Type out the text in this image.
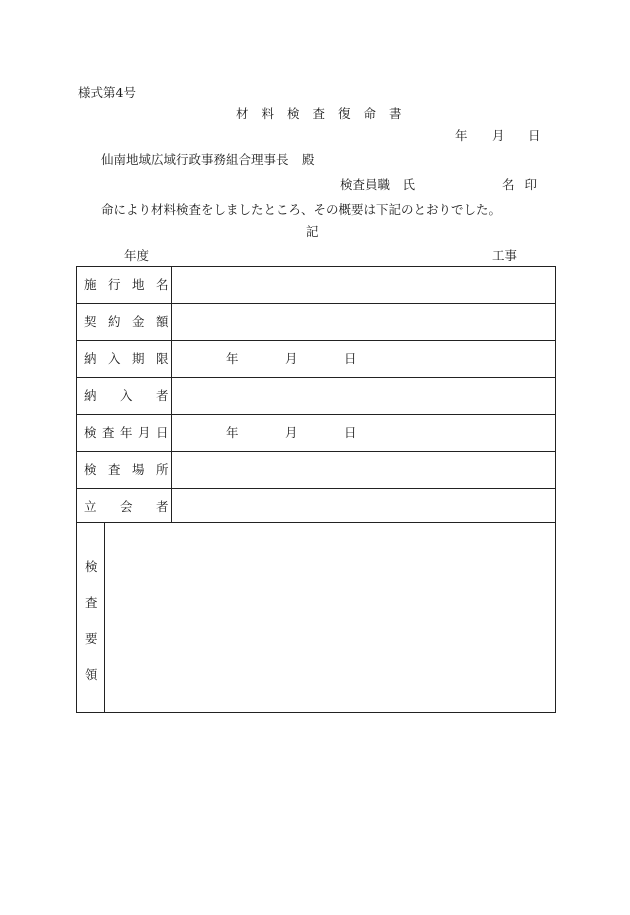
様式第4号
材料検査復命書
年 月 日
仙南地域広域行政事務組合理事長 殿
検査員職　氏	名印
命により材料検査をしましたところ、その概要は下記のとおりでした。
記
年度	工事
施 行 地 名
契 約 金 額
納 入 期 限	年	月	日
納 入 者
検 査 年 月 日	年	月	日
検 査 場 所
立 会 者
検
査
要
領
